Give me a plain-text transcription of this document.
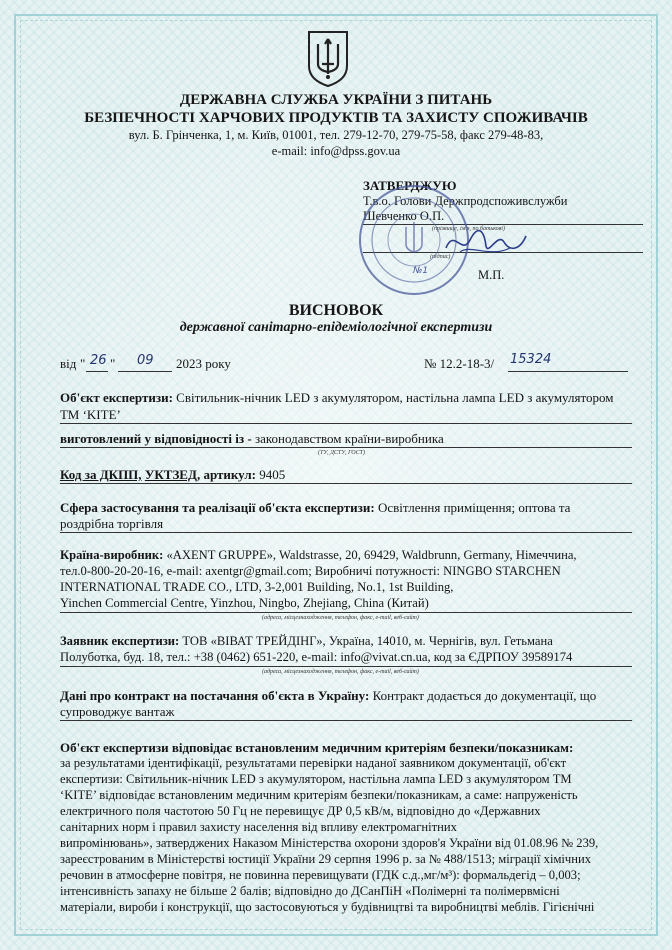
ДЕРЖАВНА СЛУЖБА УКРАЇНИ З ПИТАНЬ
БЕЗПЕЧНОСТІ ХАРЧОВИХ ПРОДУКТІВ ТА ЗАХИСТУ СПОЖИВАЧІВ
вул. Б. Грінченка, 1, м. Київ, 01001, тел. 279-12-70, 279-75-58, факс 279-48-83,
e-mail: info@dpss.gov.ua
ЗАТВЕРДЖУЮ
Т.в.о. Голови Держпродспоживслужби
Шевченко О.П.
(прізвище, ім'я, по батькові)
(підпис)
М.П.
№1
ВИСНОВОК
державної санітарно-епідеміологічної експертизи
від " 26 " 09 2023 року	№ 12.2-18-3/ 15324
Об'єкт експертизи: Світильник-нічник LED з акумулятором, настільна лампа LED з акумулятором
ТМ ‘KITE’
виготовлений у відповідності із - законодавством країни-виробника
(ТУ, ДСТУ, ГОСТ)
Код за ДКПП, УКТЗЕД, артикул: 9405
Сфера застосування та реалізації об'єкта експертизи: Освітлення приміщення; оптова та
роздрібна торгівля
Країна-виробник: «AXENT GRUPPE», Waldstrasse, 20, 69429, Waldbrunn, Germany, Німеччина,
тел.0-800-20-20-16, e-mail: axentgr@gmail.com; Виробничі потужності: NINGBO STARCHEN
INTERNATIONAL TRADE CO., LTD, 3-2,001 Building, No.1, 1st Building,
Yinchen Commercial Centre, Yinzhou, Ningbo, Zhejiang, China (Китай)
(адреса, місцезнаходження, телефон, факс, e-mail, веб-сайт)
Заявник експертизи: ТОВ «ВІВАТ ТРЕЙДІНГ», Україна, 14010, м. Чернігів, вул. Гетьмана
Полуботка, буд. 18, тел.: +38 (0462) 651-220, e-mail: info@vivat.cn.ua, код за ЄДРПОУ 39589174
(адреса, місцезнаходження, телефон, факс, e-mail, веб-сайт)
Дані про контракт на постачання об'єкта в Україну: Контракт додається до документації, що
супроводжує вантаж
Об'єкт експертизи відповідає встановленим медичним критеріям безпеки/показникам:
за результатами ідентифікації, результатами перевірки наданої заявником документації, об'єкт
експертизи: Світильник-нічник LED з акумулятором, настільна лампа LED з акумулятором ТМ
‘KITE’ відповідає встановленим медичним критеріям безпеки/показникам, а саме: напруженість
електричного поля частотою 50 Гц не перевищує ДР 0,5 кВ/м, відповідно до «Державних
санітарних норм і правил захисту населення від впливу електромагнітних
випромінювань», затверджених Наказом Міністерства охорони здоров'я України від 01.08.96 № 239,
зареєстрованим в Міністерстві юстиції України 29 серпня 1996 р. за № 488/1513; міграції хімічних
речовин в атмосферне повітря, не повинна перевищувати (ГДК с.д.,мг/м³): формальдегід – 0,003;
інтенсивність запаху не більше 2 балів; відповідно до ДСанПіН «Полімерні та полімервмісні
матеріали, вироби і конструкції, що застосовуються у будівництві та виробництві меблів. Гігієнічні
